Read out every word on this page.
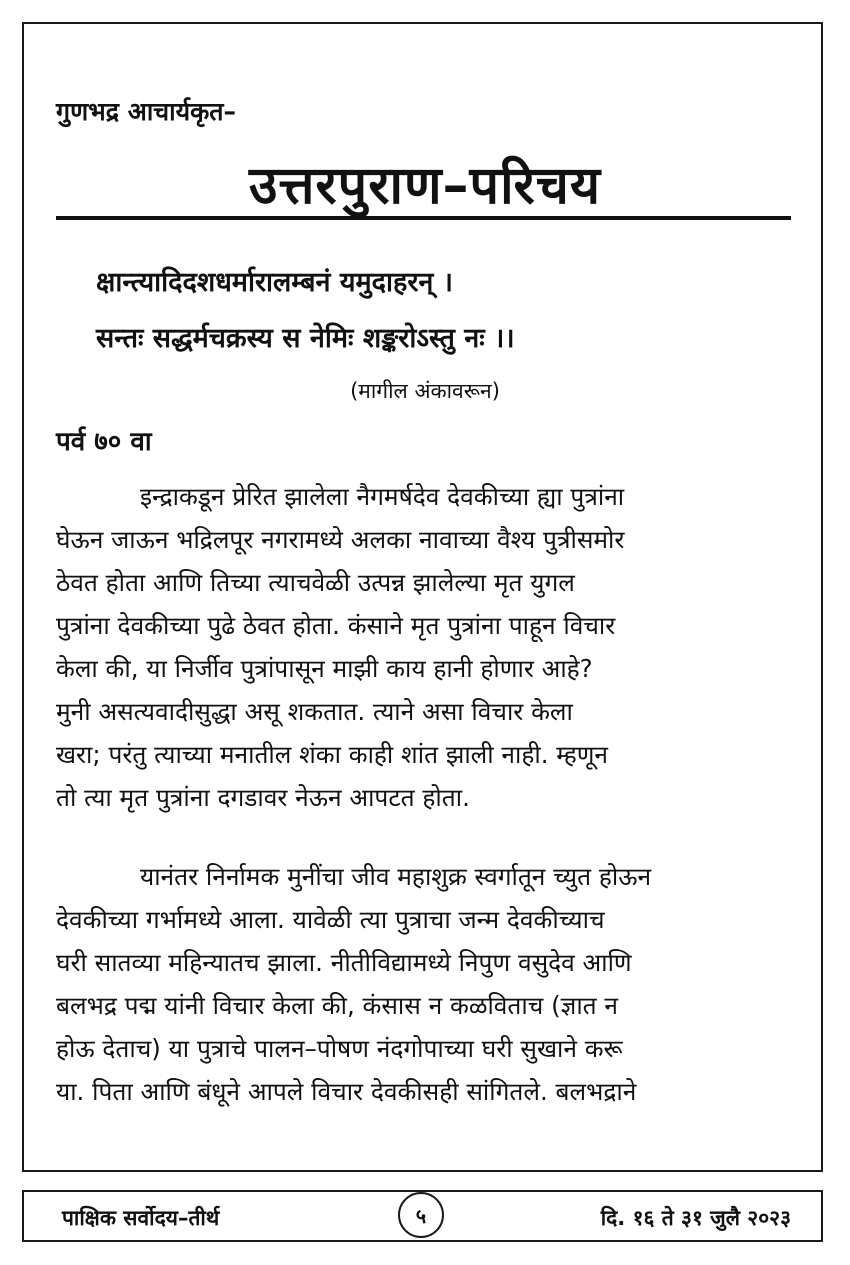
गुणभद्र आचार्यकृत–
उत्तरपुराण–परिचय
क्षान्त्यादिदशधर्मारालम्बनं यमुदाहरन् ।
सन्तः सद्धर्मचक्रस्य स नेमिः शङ्करोऽस्तु नः ।।
(मागील अंकावरून)
पर्व ७० वा
इन्द्राकडून प्रेरित झालेला नैगमर्षदेव देवकीच्या ह्या पुत्रांना
घेऊन जाऊन भद्रिलपूर नगरामध्ये अलका नावाच्या वैश्य पुत्रीसमोर
ठेवत होता आणि तिच्या त्याचवेळी उत्पन्न झालेल्या मृत युगल
पुत्रांना देवकीच्या पुढे ठेवत होता. कंसाने मृत पुत्रांना पाहून विचार
केला की, या निर्जीव पुत्रांपासून माझी काय हानी होणार आहे?
मुनी असत्यवादीसुद्धा असू शकतात. त्याने असा विचार केला
खरा; परंतु त्याच्या मनातील शंका काही शांत झाली नाही. म्हणून
तो त्या मृत पुत्रांना दगडावर नेऊन आपटत होता.
यानंतर निर्नामक मुनींचा जीव महाशुक्र स्वर्गातून च्युत होऊन
देवकीच्या गर्भामध्ये आला. यावेळी त्या पुत्राचा जन्म देवकीच्याच
घरी सातव्या महिन्यातच झाला. नीतीविद्यामध्ये निपुण वसुदेव आणि
बलभद्र पद्म यांनी विचार केला की, कंसास न कळविताच (ज्ञात न
होऊ देताच) या पुत्राचे पालन–पोषण नंदगोपाच्या घरी सुखाने करू
या. पिता आणि बंधूने आपले विचार देवकीसही सांगितले. बलभद्राने
पाक्षिक सर्वोदय–तीर्थ	दि. १६ ते ३१ जुलै २०२३
५
